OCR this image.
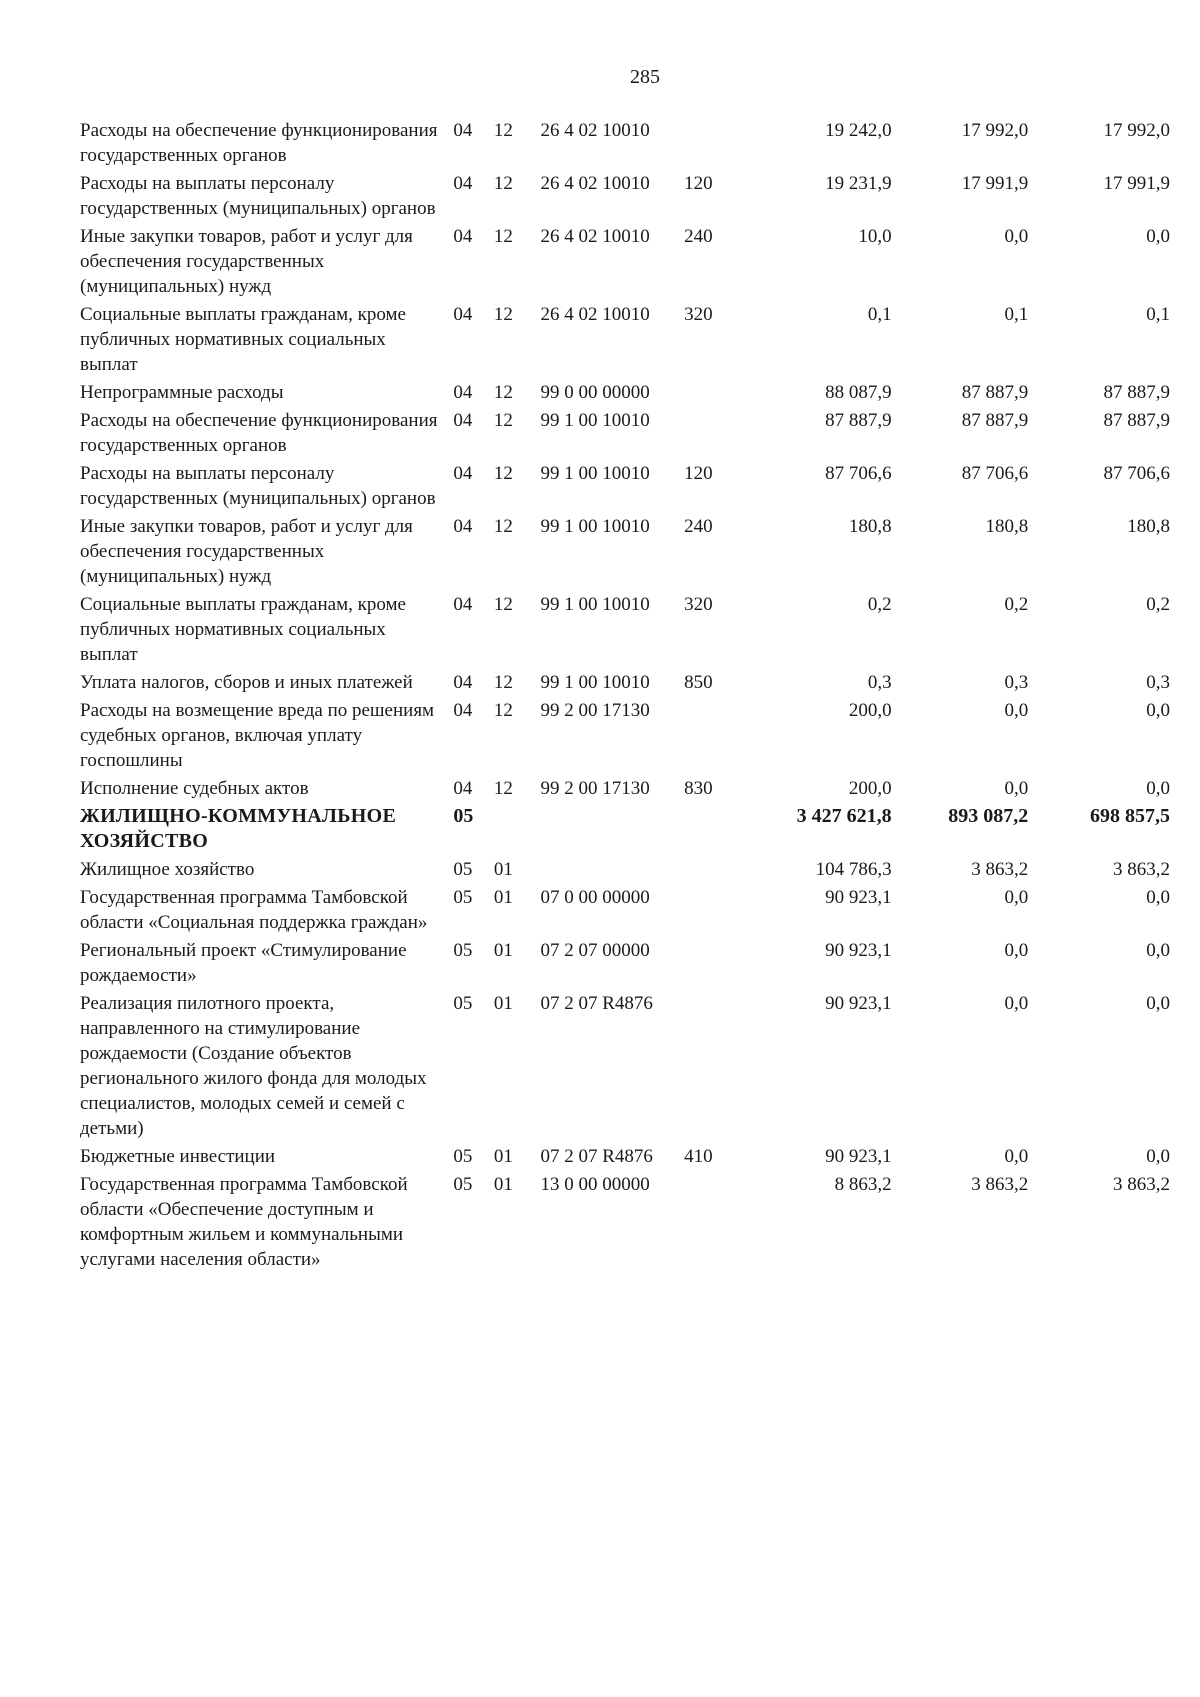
285
Расходы на обеспечение функционирования государственных органов	04	12	26 4 02 10010		19 242,0	17 992,0	17 992,0

Расходы на выплаты персоналу государственных (муниципальных) органов	04	12	26 4 02 10010	120	19 231,9	17 991,9	17 991,9

Иные закупки товаров, работ и услуг для обеспечения государственных (муниципальных) нужд	04	12	26 4 02 10010	240	10,0	0,0	0,0

Социальные выплаты гражданам, кроме публичных нормативных социальных выплат	04	12	26 4 02 10010	320	0,1	0,1	0,1

Непрограммные расходы	04	12	99 0 00 00000		88 087,9	87 887,9	87 887,9

Расходы на обеспечение функционирования государственных органов	04	12	99 1 00 10010		87 887,9	87 887,9	87 887,9

Расходы на выплаты персоналу государственных (муниципальных) органов	04	12	99 1 00 10010	120	87 706,6	87 706,6	87 706,6

Иные закупки товаров, работ и услуг для обеспечения государственных (муниципальных) нужд	04	12	99 1 00 10010	240	180,8	180,8	180,8

Социальные выплаты гражданам, кроме публичных нормативных социальных выплат	04	12	99 1 00 10010	320	0,2	0,2	0,2

Уплата налогов, сборов и иных платежей	04	12	99 1 00 10010	850	0,3	0,3	0,3

Расходы на возмещение вреда по решениям судебных органов, включая уплату госпошлины	04	12	99 2 00 17130		200,0	0,0	0,0

Исполнение судебных актов	04	12	99 2 00 17130	830	200,0	0,0	0,0

ЖИЛИЩНО-КОММУНАЛЬНОЕ ХОЗЯЙСТВО	05				3 427 621,8	893 087,2	698 857,5

Жилищное хозяйство	05	01			104 786,3	3 863,2	3 863,2

Государственная программа Тамбовской области «Социальная поддержка граждан»	05	01	07 0 00 00000		90 923,1	0,0	0,0

Региональный проект «Стимулирование рождаемости»	05	01	07 2 07 00000		90 923,1	0,0	0,0

Реализация пилотного проекта, направленного на стимулирование рождаемости (Создание объектов регионального жилого фонда для молодых специалистов, молодых семей и семей с детьми)	05	01	07 2 07 R4876		90 923,1	0,0	0,0

Бюджетные инвестиции	05	01	07 2 07 R4876	410	90 923,1	0,0	0,0

Государственная программа Тамбовской области «Обеспечение доступным и комфортным жильем и коммунальными услугами населения области»	05	01	13 0 00 00000		8 863,2	3 863,2	3 863,2
